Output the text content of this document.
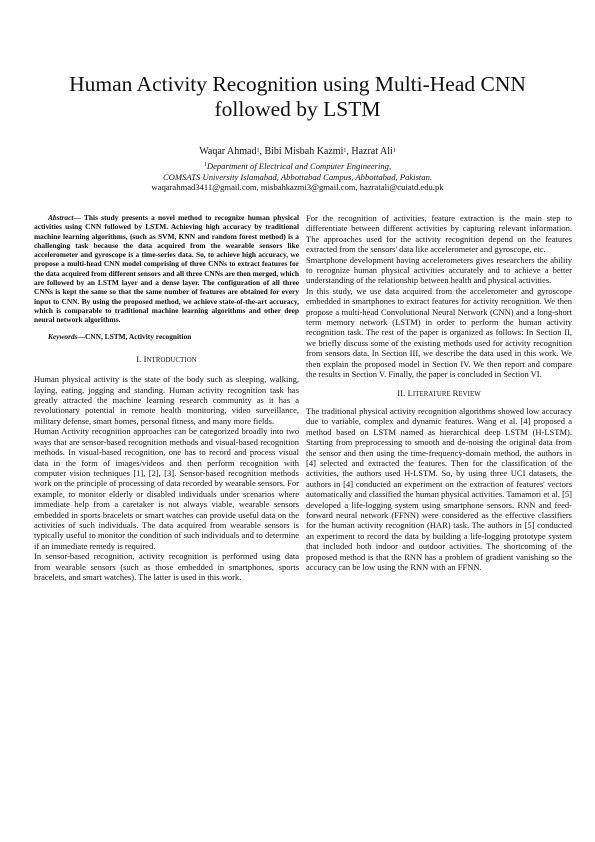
Human Activity Recognition using Multi-Head CNN followed by LSTM
Waqar Ahmad$^1$, Bibi Misbah Kazmi$^1$, Hazrat Ali$^1$
$^1$Department of Electrical and Computer Engineering,
COMSATS University Islamabad, Abbottabad Campus, Abbottabad, Pakistan.
waqarahmad3411@gmail.com, misbahkazmi3@gmail.com, hazratali@cuiatd.edu.pk

Abstract— This study presents a novel method to recognize human physical activities using CNN followed by LSTM. Achieving high accuracy by traditional machine learning algorithms, (such as SVM, KNN and random forest method) is a challenging task because the data acquired from the wearable sensors like accelerometer and gyroscope is a time-series data. So, to achieve high accuracy, we propose a multi-head CNN model comprising of three CNNs to extract features for the data acquired from different sensors and all three CNNs are then merged, which are followed by an LSTM layer and a dense layer. The configuration of all three CNNs is kept the same so that the same number of features are obtained for every input to CNN. By using the proposed method, we achieve state-of-the-art accuracy, which is comparable to traditional machine learning algorithms and other deep neural network algorithms.

Keywords—CNN, LSTM, Activity recognition

I. INTRODUCTION

Human physical activity is the state of the body such as sleeping, walking, laying, eating, jogging and standing. Human activity recognition task has greatly attracted the machine learning research community as it has a revolutionary potential in remote health monitoring, video surveillance, military defense, smart homes, personal fitness, and many more fields.

Human Activity recognition approaches can be categorized broadly into two ways that are sensor-based recognition methods and visual-based recognition methods. In visual-based recognition, one has to record and process visual data in the form of images/videos and then perform recognition with computer vision techniques [1], [2], [3]. Sensor-based recognition methods work on the principle of processing of data recorded by wearable sensors. For example, to monitor elderly or disabled individuals under scenarios where immediate help from a caretaker is not always viable, wearable sensors embedded in sports bracelets or smart watches can provide useful data on the activities of such individuals. The data acquired from wearable sensors is typically useful to monitor the condition of such individuals and to determine if an immediate remedy is required.

In sensor-based recognition, activity recognition is performed using data from wearable sensors (such as those embedded in smartphones, sports bracelets, and smart watches). The latter is used in this work.

For the recognition of activities, feature extraction is the main step to differentiate between different activities by capturing relevant information. The approaches used for the activity recognition depend on the features extracted from the sensors' data like accelerometer and gyroscope, etc.

Smartphone development having accelerometers gives researchers the ability to recognize human physical activities accurately and to achieve a better understanding of the relationship between health and physical activities.

In this study, we use data acquired from the accelerometer and gyroscope embedded in smartphones to extract features for activity recognition. We then propose a multi-head Convolutional Neural Network (CNN) and a long-short term memory network (LSTM) in order to perform the human activity recognition task. The rest of the paper is organized as follows: In Section II, we briefly discuss some of the existing methods used for activity recognition from sensors data. In Section III, we describe the data used in this work. We then explain the proposed model in Section IV. We then report and compare the results in Section V. Finally, the paper is concluded in Section VI.

II. LITERATURE REVIEW

The traditional physical activity recognition algorithms showed low accuracy due to variable, complex and dynamic features. Wang et al. [4] proposed a method based on LSTM named as hierarchical deep LSTM (H-LSTM). Starting from preprocessing to smooth and de-noising the original data from the sensor and then using the time-frequency-domain method, the authors in [4] selected and extracted the features. Then for the classification of the activities, the authors used H-LSTM. So, by using three UCI datasets, the authors in [4] conducted an experiment on the extraction of features' vectors automatically and classified the human physical activities. Tamamori et al. [5] developed a life-logging system using smartphone sensors. RNN and feed-forward neural network (FFNN) were considered as the effective classifiers for the human activity recognition (HAR) task. The authors in [5] conducted an experiment to record the data by building a life-logging prototype system that included both indoor and outdoor activities. The shortcoming of the proposed method is that the RNN has a problem of gradient vanishing so the accuracy can be low using the RNN with an FFNN.
